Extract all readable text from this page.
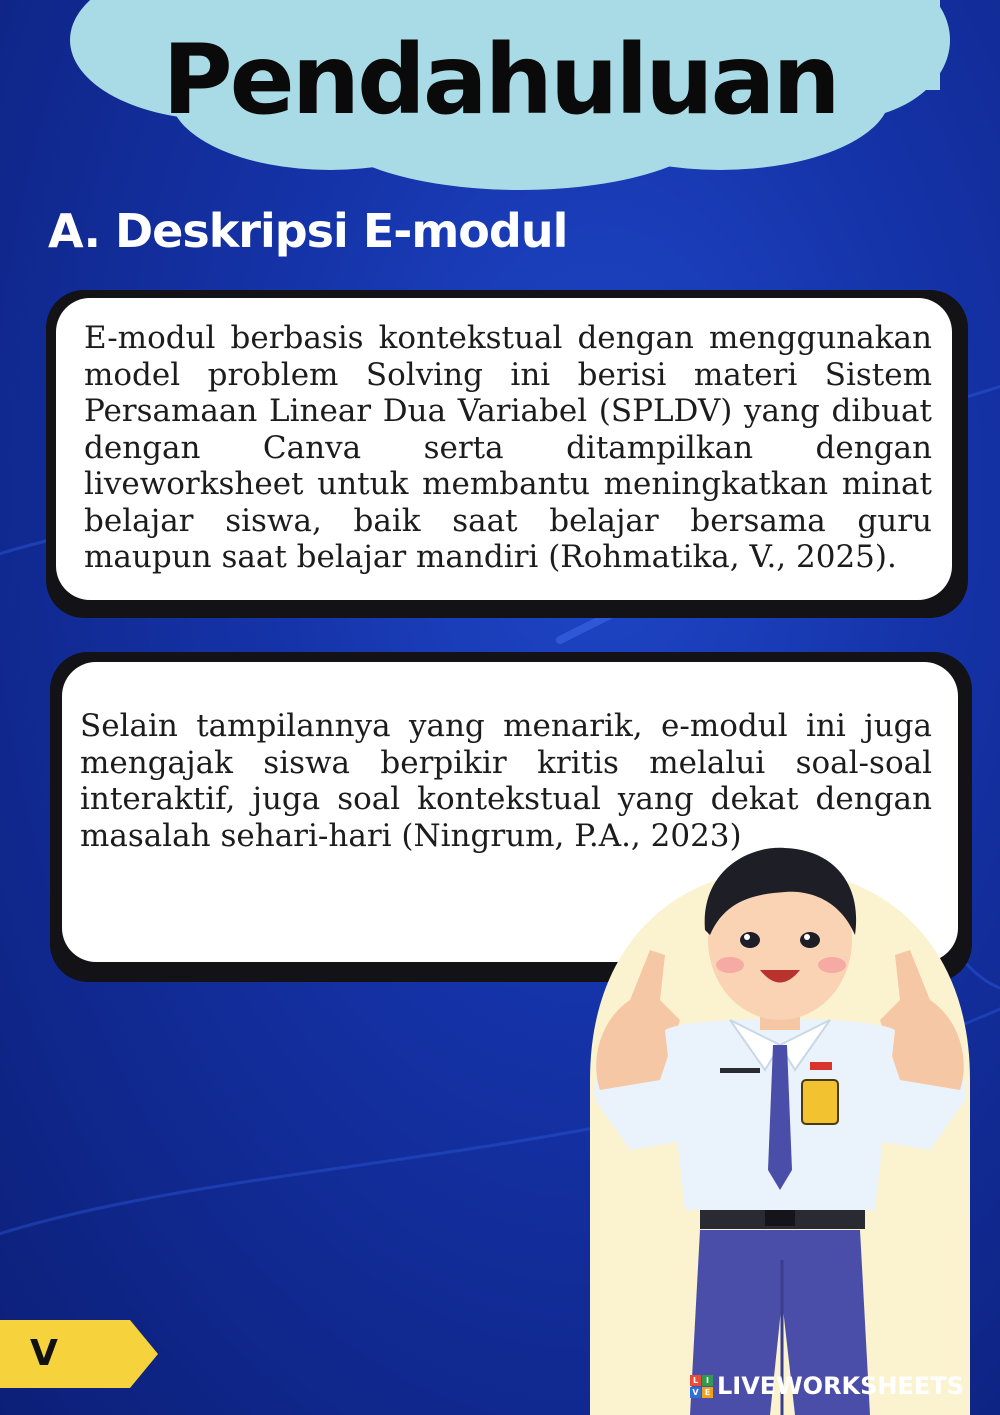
Pendahuluan
A. Deskripsi E-modul

E-modul berbasis kontekstual dengan menggunakan model problem Solving ini berisi materi Sistem Persamaan Linear Dua Variabel (SPLDV) yang dibuat dengan Canva serta ditampilkan dengan liveworksheet untuk membantu meningkatkan minat belajar siswa, baik saat belajar bersama guru maupun saat belajar mandiri (Rohmatika, V., 2025).

Selain tampilannya yang menarik, e-modul ini juga mengajak siswa berpikir kritis melalui soal-soal interaktif, juga soal kontekstual yang dekat dengan masalah sehari-hari (Ningrum, P.A., 2023)

V

L I
V E LIVEWORKSHEETS
